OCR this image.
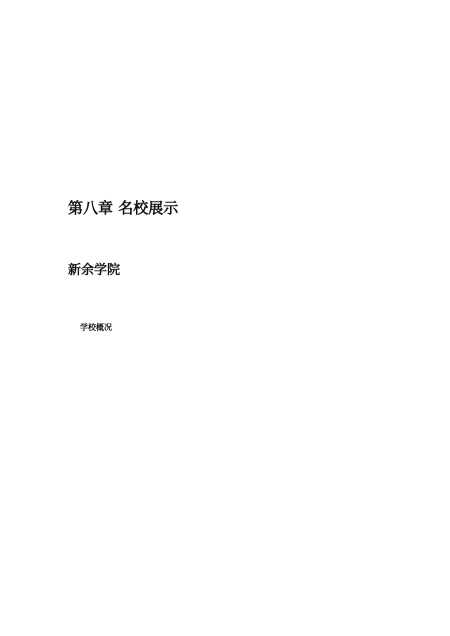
第八章 名校展示
新余学院
学校概况
